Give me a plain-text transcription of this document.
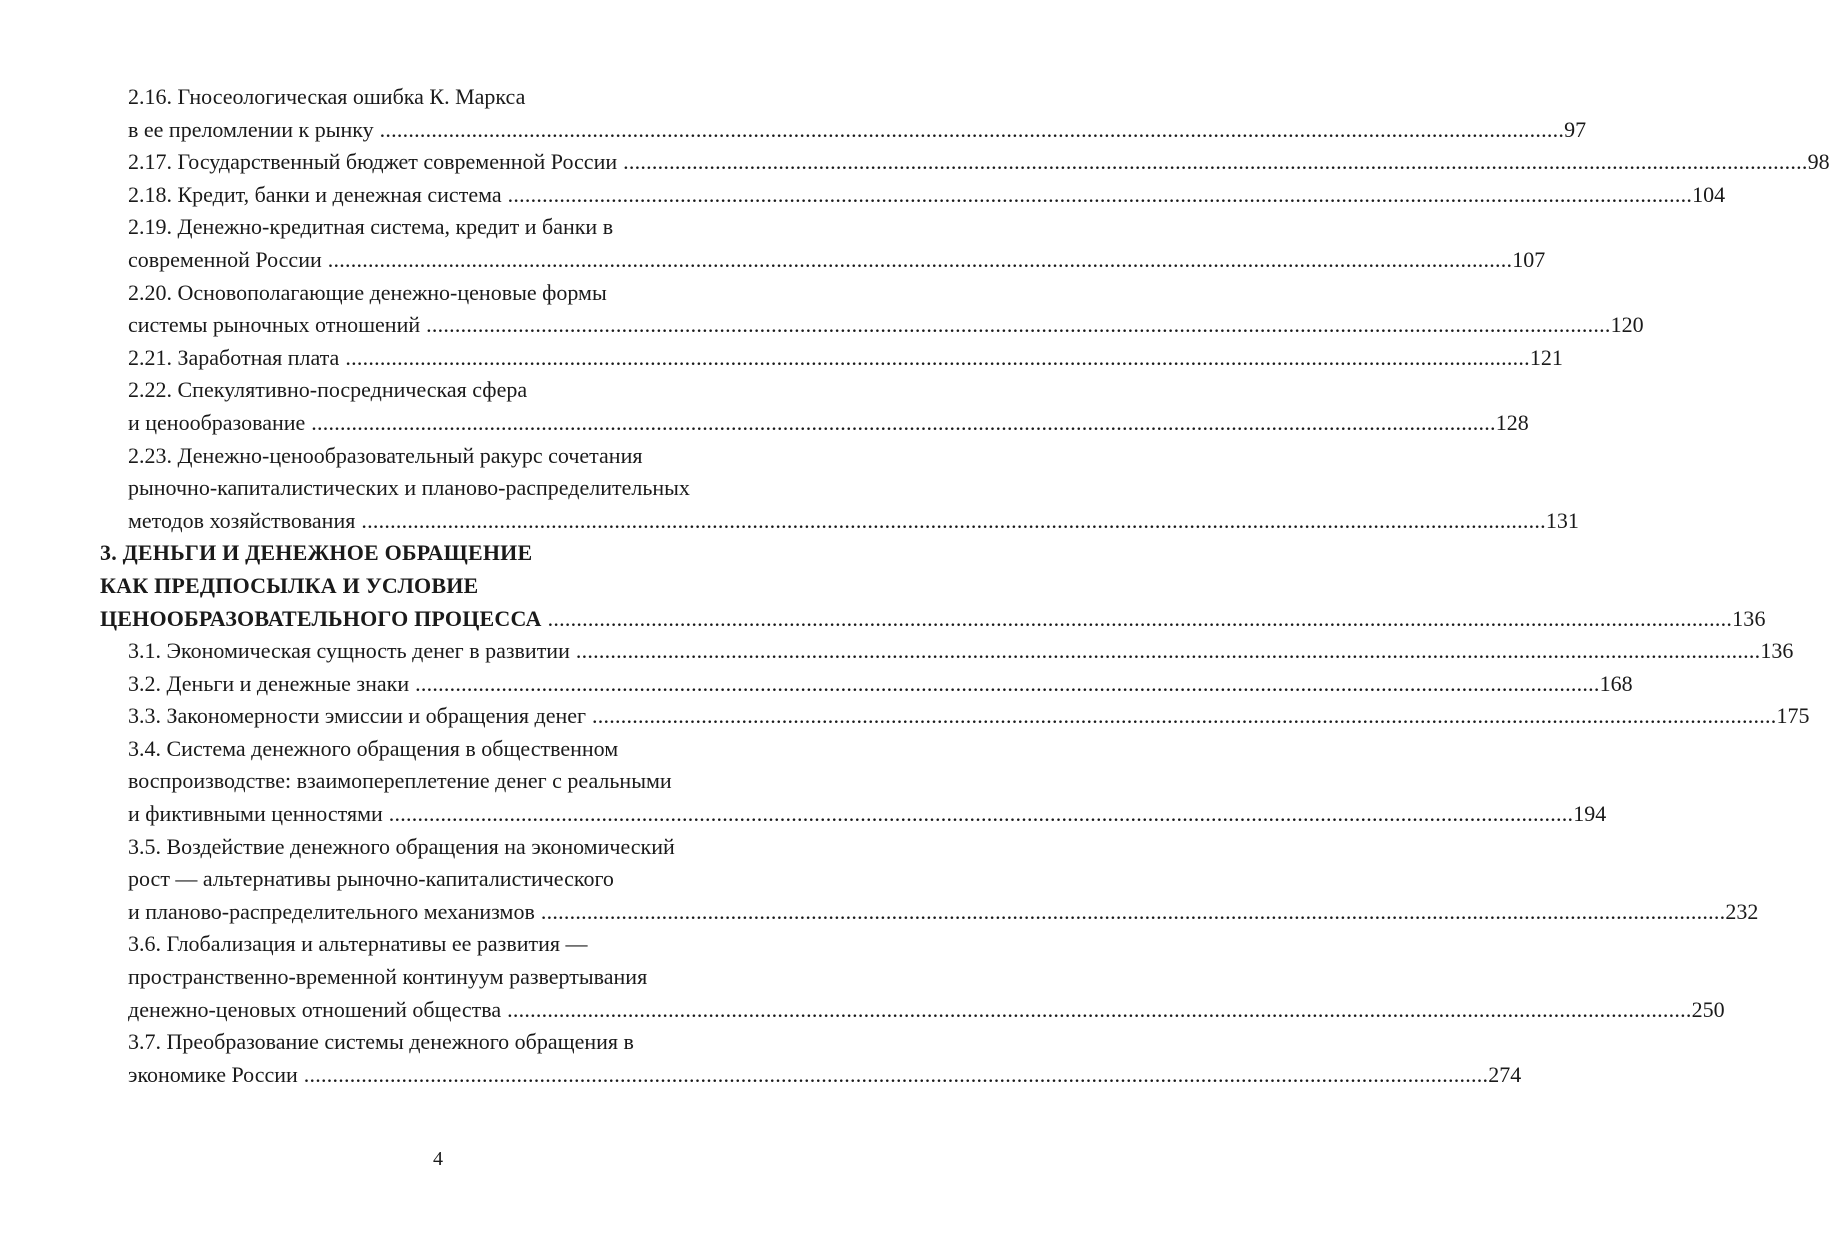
2.16. Гносеологическая ошибка К. Маркса
в ее преломлении к рынку .....	97
2.17. Государственный бюджет современной России .....	98
2.18. Кредит, банки и денежная система .....	104
2.19. Денежно-кредитная система, кредит и банки в
современной России .....	107
2.20. Основополагающие денежно-ценовые формы
системы рыночных отношений .....	120
2.21. Заработная плата .....	121
2.22. Спекулятивно-посредническая сфера
и ценообразование .....	128
2.23. Денежно-ценообразовательный ракурс сочетания
рыночно-капиталистических и планово-распределительных
методов хозяйствования .....	131
3. ДЕНЬГИ И ДЕНЕЖНОЕ ОБРАЩЕНИЕ
КАК ПРЕДПОСЫЛКА И УСЛОВИЕ
ЦЕНООБРАЗОВАТЕЛЬНОГО ПРОЦЕССА .....	136
3.1. Экономическая сущность денег в развитии .....	136
3.2. Деньги и денежные знаки .....	168
3.3. Закономерности эмиссии и обращения денег .....	175
3.4. Система денежного обращения в общественном
воспроизводстве: взаимопереплетение денег с реальными
и фиктивными ценностями .....	194
3.5. Воздействие денежного обращения на экономический
рост — альтернативы рыночно-капиталистического
и планово-распределительного механизмов .....	232
3.6. Глобализация и альтернативы ее развития —
пространственно-временной континуум развертывания
денежно-ценовых отношений общества .....	250
3.7. Преобразование системы денежного обращения в
экономике России .....	274
4
